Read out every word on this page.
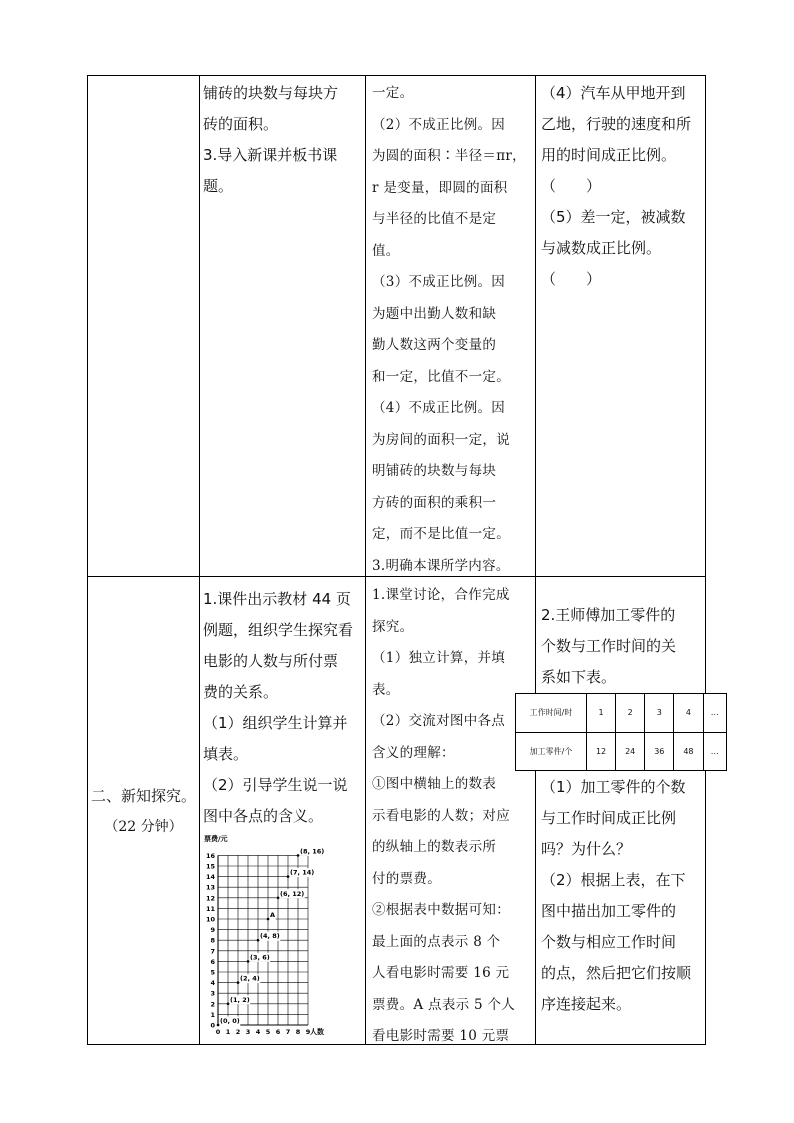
铺砖的块数与每块方
砖的面积。
3.导入新课并板书课
题。
一定。
（2）不成正比例。因
为圆的面积∶半径＝πr，
r 是变量，即圆的面积
与半径的比值不是定
值。
（3）不成正比例。因
为题中出勤人数和缺
勤人数这两个变量的
和一定，比值不一定。
（4）不成正比例。因
为房间的面积一定，说
明铺砖的块数与每块
方砖的面积的乘积一
定，而不是比值一定。
3.明确本课所学内容。
（4）汽车从甲地开到
乙地，行驶的速度和所
用的时间成正比例。
（　　）
（5）差一定，被减数
与减数成正比例。
（　　）
二、新知探究。
（22 分钟）
1.课件出示教材 44 页
例题，组织学生探究看
电影的人数与所付票
费的关系。
（1）组织学生计算并
填表。
（2）引导学生说一说
图中各点的含义。
0 1 2 3 4 5 6 7 8 9
0
1
2
3
4
5
6
7
8
9
10
11
12
13
14
15
16
票费/元
人数
(0, 0)
(1, 2)
(2, 4)
(3, 6)
(4, 8)
A
(6, 12)
(7, 14)
(8, 16)
1.课堂讨论，合作完成
探究。
（1）独立计算，并填
表。
（2）交流对图中各点
含义的理解：
①图中横轴上的数表
示看电影的人数；对应
的纵轴上的数表示所
付的票费。
②根据表中数据可知：
最上面的点表示 8 个
人看电影时需要 16 元
票费。A 点表示 5 个人
看电影时需要 10 元票
2.王师傅加工零件的
个数与工作时间的关
系如下表。
工作时间/时	1	2	3	4	…
加工零件/个	12	24	36	48	…
（1）加工零件的个数
与工作时间成正比例
吗？为什么？
（2）根据上表，在下
图中描出加工零件的
个数与相应工作时间
的点，然后把它们按顺
序连接起来。
